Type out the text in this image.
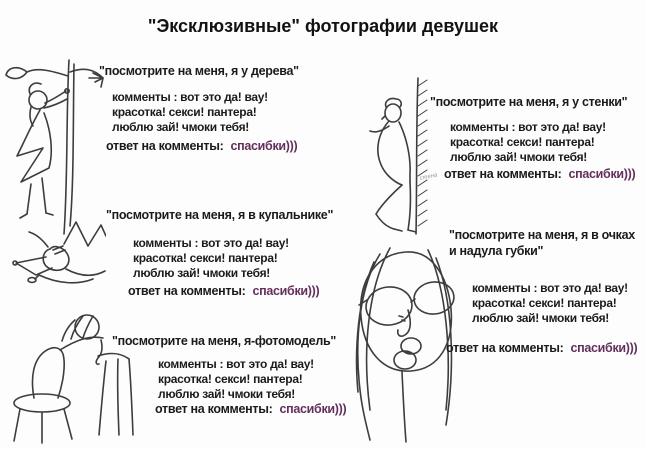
"Эксклюзивные" фотографии девушек
"посмотрите на меня, я у дерева"
комменты : вот это да! вау!
красотка! секси! пантера!
люблю зай! чмоки тебя!
ответ на комменты: спасибки)))
стена
"посмотрите на меня, я у стенки"
комменты : вот это да! вау!
красотка! секси! пантера!
люблю зай! чмоки тебя!
ответ на комменты: спасибки)))
"посмотрите на меня, я в купальнике"
комменты : вот это да! вау!
красотка! секси! пантера!
люблю зай! чмоки тебя!
ответ на комменты: спасибки)))
"посмотрите на меня, я в очках и надула губки"
комменты : вот это да! вау!
красотка! секси! пантера!
люблю зай! чмоки тебя!
ответ на комменты: спасибки)))
"посмотрите на меня, я-фотомодель"
комменты : вот это да! вау!
красотка! секси! пантера!
люблю зай! чмоки тебя!
ответ на комменты: спасибки)))
